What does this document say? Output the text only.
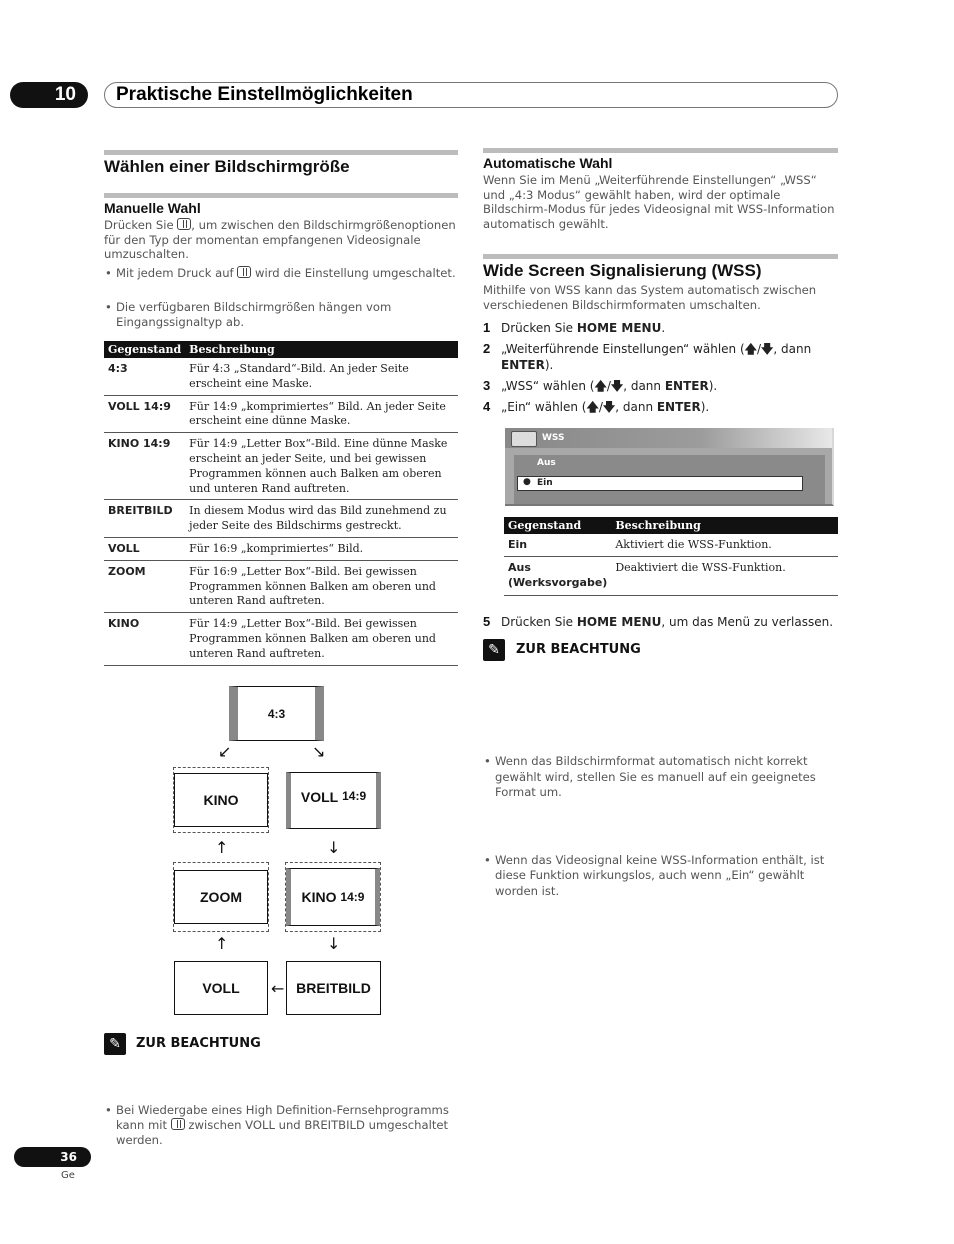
10	Praktische Einstellmöglichkeiten
Wählen einer Bildschirmgröße
Manuelle Wahl
Drücken Sie , um zwischen den Bildschirmgrößenoptionen für den Typ der momentan empfangenen Videosignale umzuschalten.
• Mit jedem Druck auf  wird die Einstellung umgeschaltet.
• Die verfügbaren Bildschirmgrößen hängen vom Eingangssignaltyp ab.
Gegenstand	Beschreibung
4:3	Für 4:3 „Standard“-Bild. An jeder Seite erscheint eine Maske.
VOLL 14:9	Für 14:9 „komprimiertes“ Bild. An jeder Seite erscheint eine dünne Maske.
KINO 14:9	Für 14:9 „Letter Box“-Bild. Eine dünne Maske erscheint an jeder Seite, und bei gewissen Programmen können auch Balken am oberen und unteren Rand auftreten.
BREITBILD	In diesem Modus wird das Bild zunehmend zu jeder Seite des Bildschirms gestreckt.
VOLL	Für 16:9 „komprimiertes“ Bild.
ZOOM	Für 16:9 „Letter Box“-Bild. Bei gewissen Programmen können Balken am oberen und unteren Rand auftreten.
KINO	Für 14:9 „Letter Box“-Bild. Bei gewissen Programmen können Balken am oberen und unteren Rand auftreten.
4:3
↙	↘
KINO	VOLL
14:9
↑	↓
ZOOM	KINO
14:9
↑	↓
VOLL ← BREITBILD
✎	ZUR BEACHTUNG
• Bei Wiedergabe eines High Definition-Fernsehprogramms kann mit  zwischen VOLL und BREITBILD umgeschaltet werden.
Automatische Wahl
Wenn Sie im Menü „Weiterführende Einstellungen“ „WSS“ und „4:3 Modus“ gewählt haben, wird der optimale Bildschirm-Modus für jedes Videosignal mit WSS-Information automatisch gewählt.
Wide Screen Signalisierung (WSS)
Mithilfe von WSS kann das System automatisch zwischen verschiedenen Bildschirmformaten umschalten.
1 Drücken Sie HOME MENU.
2 „Weiterführende Einstellungen“ wählen (🡅/🡇, dann
ENTER).
3 „WSS“ wählen (🡅/🡇, dann ENTER).
4 „Ein“ wählen (🡅/🡇, dann ENTER).
WSS
Aus
● Ein
Gegenstand	Beschreibung
Ein	Aktiviert die WSS-Funktion.
Aus (Werksvorgabe)	Deaktiviert die WSS-Funktion.
5 Drücken Sie HOME MENU, um das Menü zu verlassen.
✎	ZUR BEACHTUNG
• Wenn das Bildschirmformat automatisch nicht korrekt gewählt wird, stellen Sie es manuell auf ein geeignetes Format um.
• Wenn das Videosignal keine WSS-Information enthält, ist diese Funktion wirkungslos, auch wenn „Ein“ gewählt worden ist.
36
Ge
